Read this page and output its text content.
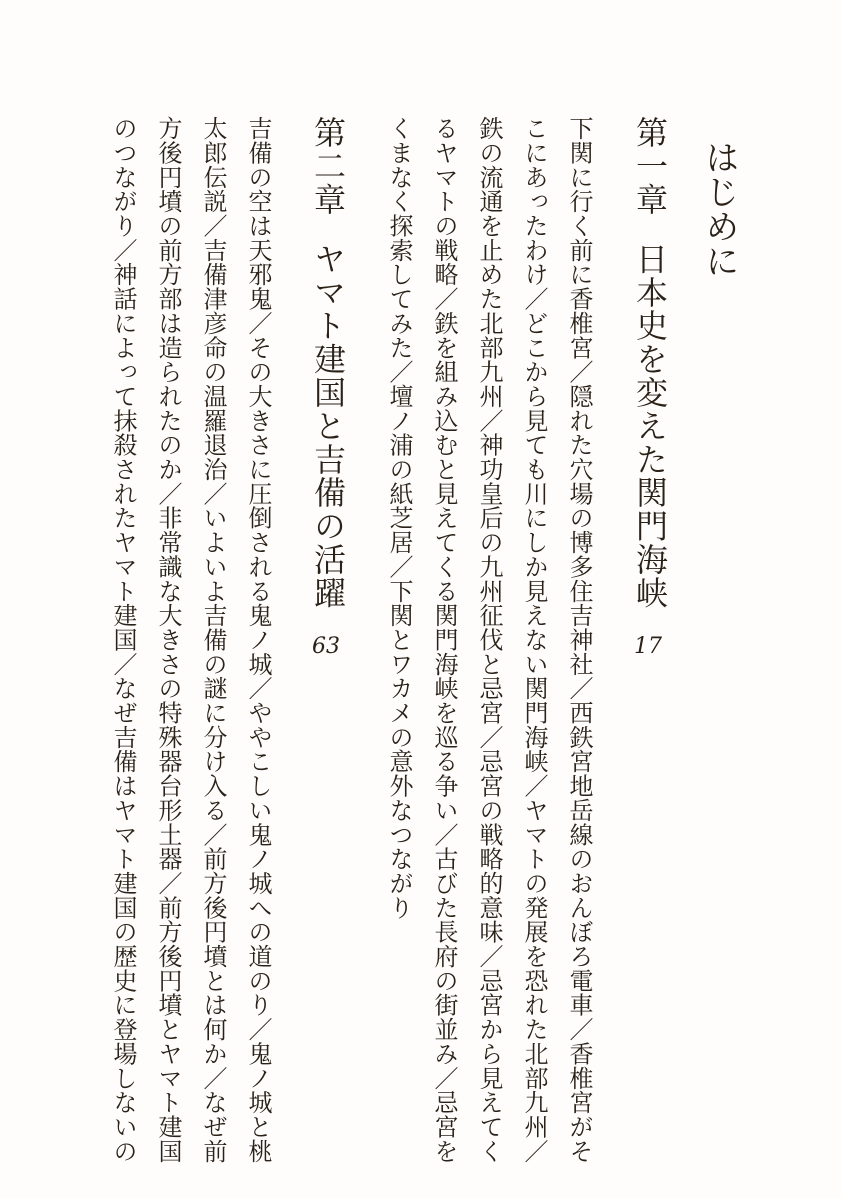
はじめに
第一章日本史を変えた関門海峡17
下関に行く前に香椎宮／隠れた穴場の博多住吉神社／西鉄宮地岳線のおんぼろ電車／香椎宮がそ
こにあったわけ／どこから見ても川にしか見えない関門海峡／ヤマトの発展を恐れた北部九州／
鉄の流通を止めた北部九州／神功皇后の九州征伐と忌宮／忌宮の戦略的意味／忌宮から見えてく
るヤマトの戦略／鉄を組み込むと見えてくる関門海峡を巡る争い／古びた長府の街並み／忌宮を
くまなく探索してみた／壇ノ浦の紙芝居／下関とワカメの意外なつながり
第二章ヤマト建国と吉備の活躍63
吉備の空は天邪鬼／その大きさに圧倒される鬼ノ城／ややこしい鬼ノ城への道のり／鬼ノ城と桃
太郎伝説／吉備津彦命の温羅退治／いよいよ吉備の謎に分け入る／前方後円墳とは何か／なぜ前
方後円墳の前方部は造られたのか／非常識な大きさの特殊器台形土器／前方後円墳とヤマト建国
のつながり／神話によって抹殺されたヤマト建国／なぜ吉備はヤマト建国の歴史に登場しないの
